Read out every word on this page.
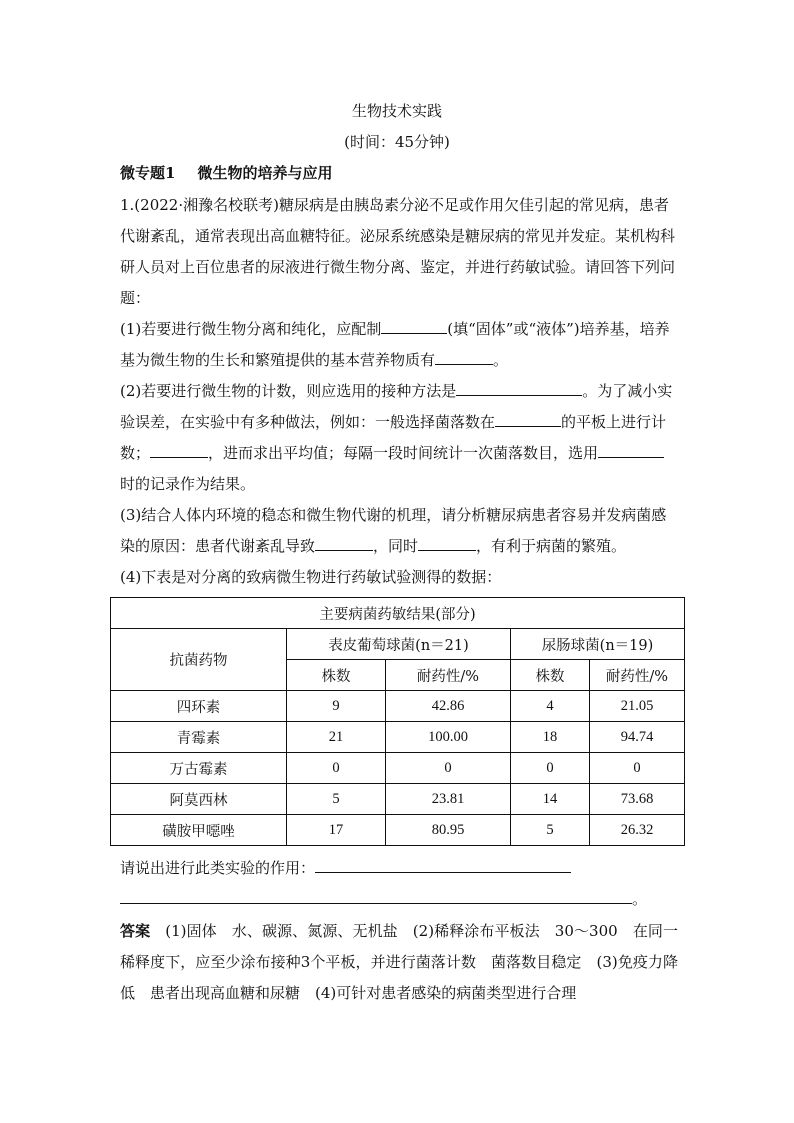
生物技术实践
(时间：45分钟)
微专题1 微生物的培养与应用

1.(2022·湘豫名校联考)糖尿病是由胰岛素分泌不足或作用欠佳引起的常见病，患者代谢紊乱，通常表现出高血糖特征。泌尿系统感染是糖尿病的常见并发症。某机构科研人员对上百位患者的尿液进行微生物分离、鉴定，并进行药敏试验。请回答下列问题：

(1)若要进行微生物分离和纯化，应配制	(填“固体”或“液体”)培养基，培养基为微生物的生长和繁殖提供的基本营养物质有	。

(2)若要进行微生物的计数，则应选用的接种方法是	。为了减小实验误差，在实验中有多种做法，例如：一般选择菌落数在	的平板上进行计数；	，进而求出平均值；每隔一段时间统计一次菌落数目，选用时的记录作为结果。

(3)结合人体内环境的稳态和微生物代谢的机理，请分析糖尿病患者容易并发病菌感染的原因：患者代谢紊乱导致	，同时	，有利于病菌的繁殖。

(4)下表是对分离的致病微生物进行药敏试验测得的数据：

主要病菌药敏结果(部分)				
抗菌药物	表皮葡萄球菌(n＝21)		尿肠球菌(n＝19)	
	株数	耐药性/%	株数	耐药性/%
四环素	9	42.86	4	21.05
青霉素	21	100.00	18	94.74
万古霉素	0	0	0	0
阿莫西林	5	23.81	14	73.68
磺胺甲噁唑	17	80.95	5	26.32
请说出进行此类实验的作用：
。
答案　 (1)固体　水、碳源、氮源、无机盐　(2)稀释涂布平板法　30～300　在同一稀释度下，应至少涂布接种3个平板，并进行菌落计数　菌落数目稳定　(3)免疫力降低　患者出现高血糖和尿糖　(4)可针对患者感染的病菌类型进行合理
